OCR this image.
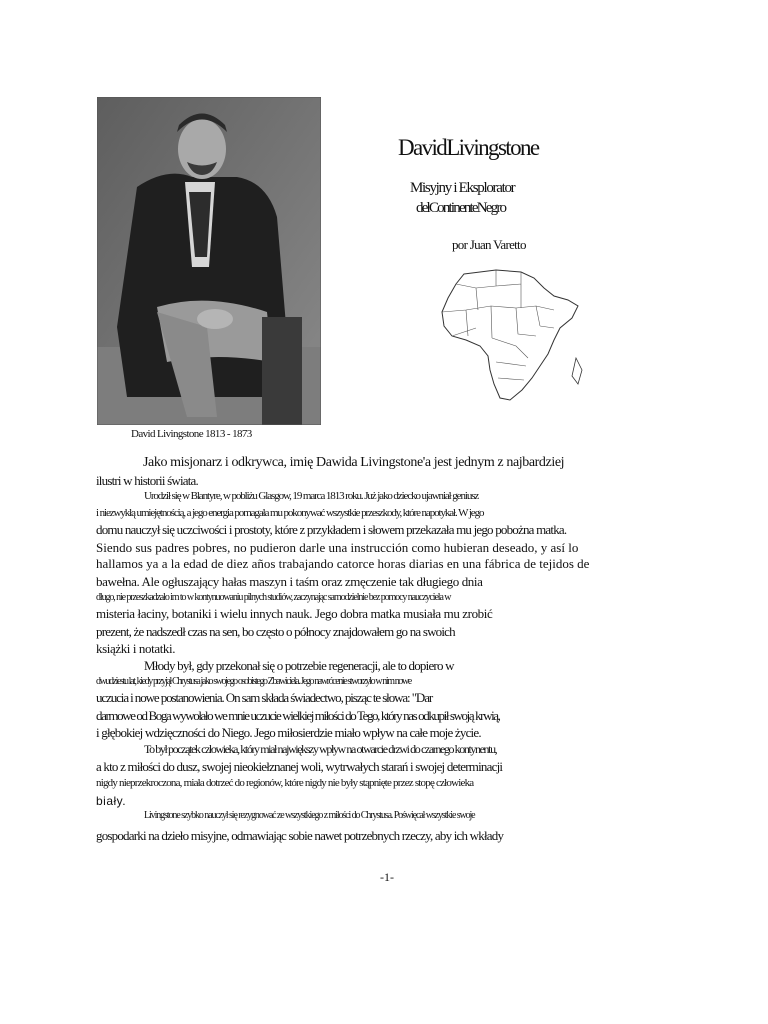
David Livingstone 1813 - 1873
DavidLivingstone
Misyjny i Eksplorator
delContinenteNegro
por Juan Varetto
Jako misjonarz i odkrywca, imię Dawida Livingstone'a jest jednym z najbardziej
ilustri w historii świata.
Urodził się w Blantyre, w pobliżu Glasgow, 19 marca 1813 roku. Już jako dziecko ujawniał geniusz
i niezwykłą umiejętnością, a jego energia pomagała mu pokonywać wszystkie przeszkody, które napotykał. W jego
domu nauczył się uczciwości i prostoty, które z przykładem i słowem przekazała mu jego pobożna matka.
Siendo sus padres pobres, no pudieron darle una instrucción como hubieran deseado, y así lo
hallamos ya a la edad de diez años trabajando catorce horas diarias en una fábrica de tejidos de
bawełna. Ale ogłuszający hałas maszyn i taśm oraz zmęczenie tak długiego dnia
długo, nie przeszkadzało im to w kontynuowaniu pilnych studiów, zaczynając samodzielnie bez pomocy nauczyciela w
misteria łaciny, botaniki i wielu innych nauk. Jego dobra matka musiała mu zrobić
prezent, że nadszedł czas na sen, bo często o północy znajdowałem go na swoich
książki i notatki.
Młody był, gdy przekonał się o potrzebie regeneracji, ale to dopiero w
dwudziestu lat, kiedy przyjął Chrystusa jako swojego osobistego Zbawiciela. Jego nawrócenie stworzyło w nim nowe
uczucia i nowe postanowienia. On sam składa świadectwo, pisząc te słowa: "Dar
darmowe od Boga wywołało we mnie uczucie wielkiej miłości do Tego, który nas odkupił swoją krwią,
i głębokiej wdzięczności do Niego. Jego miłosierdzie miało wpływ na całe moje życie.
To był początek człowieka, który miał największy wpływ na otwarcie drzwi do czarnego kontynentu,
a kto z miłości do dusz, swojej nieokiełznanej woli, wytrwałych starań i swojej determinacji
nigdy nieprzekroczona, miała dotrzeć do regionów, które nigdy nie były stąpnięte przez stopę człowieka
biały.
Livingstone szybko nauczył się rezygnować ze wszystkiego z miłości do Chrystusa. Poświęcał wszystkie swoje
gospodarki na dzieło misyjne, odmawiając sobie nawet potrzebnych rzeczy, aby ich wkłady
-1-
